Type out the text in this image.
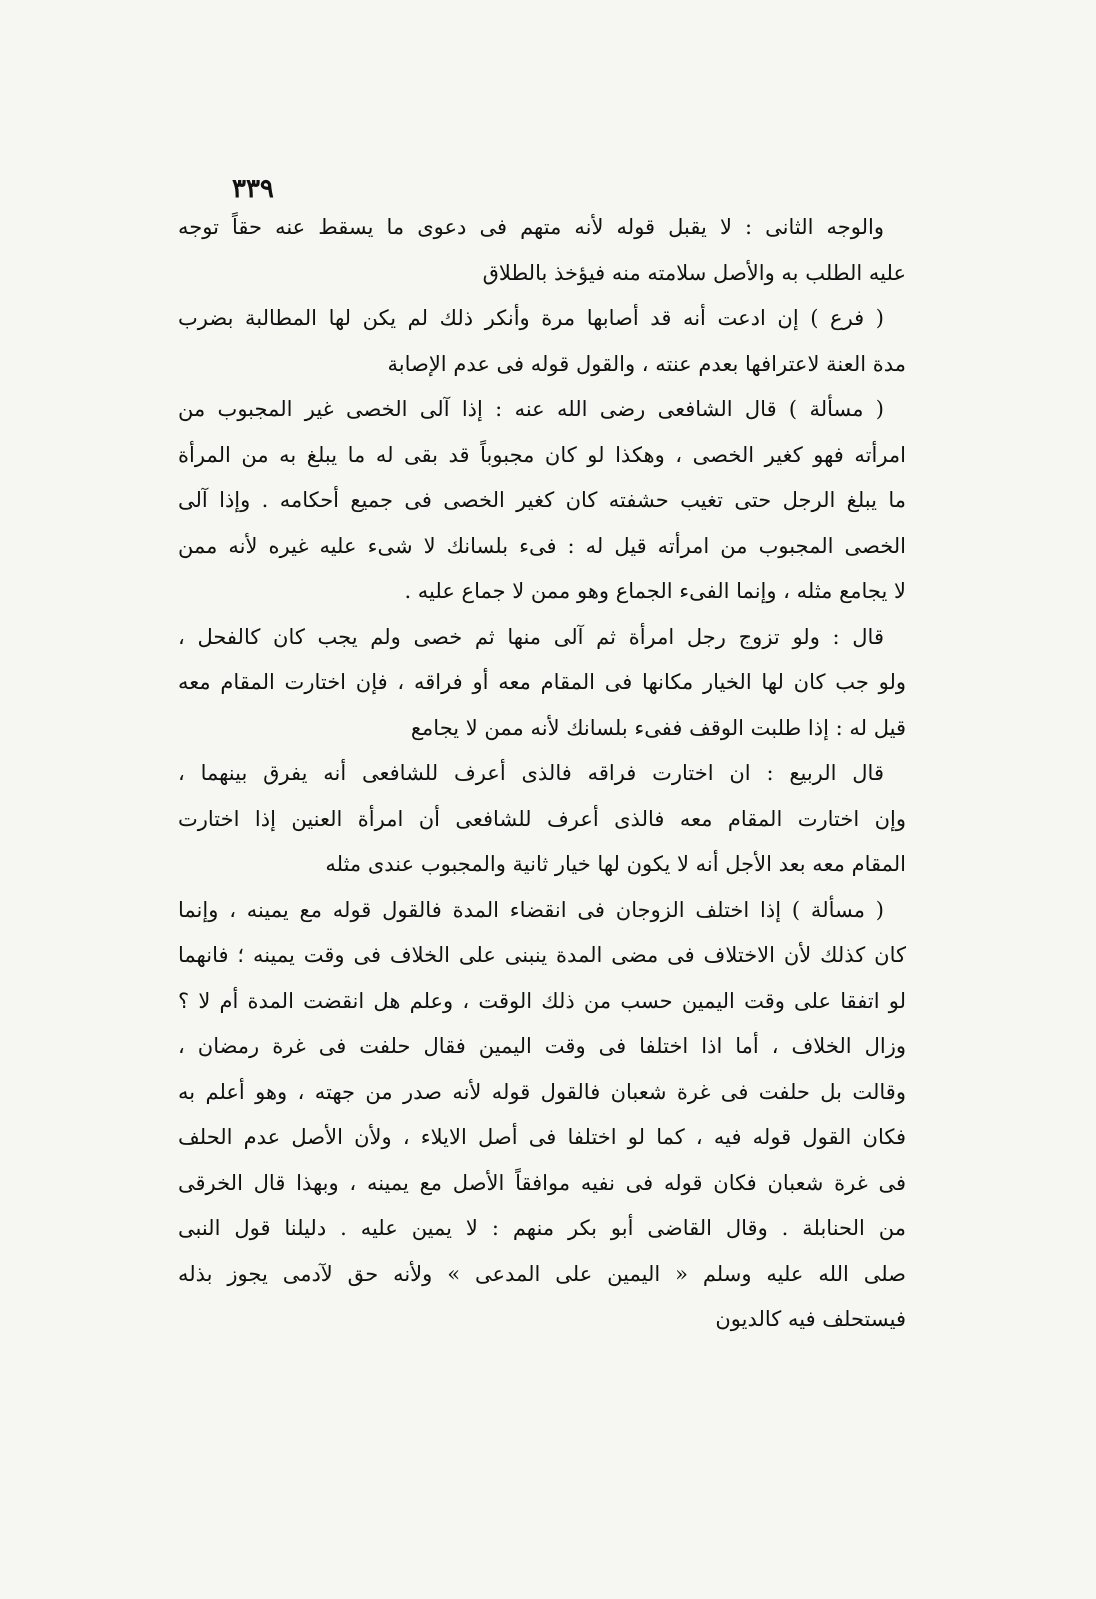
٣٣٩
والوجه الثانى : لا يقبل قوله لأنه متهم فى دعوى ما يسقط عنه حقاً توجه
عليه الطلب به والأصل سلامته منه فيؤخذ بالطلاق
( فرع ) إن ادعت أنه قد أصابها مرة وأنكر ذلك لم يكن لها المطالبة بضرب
مدة العنة لاعترافها بعدم عنته ، والقول قوله فى عدم الإصابة
( مسألة ) قال الشافعى رضى الله عنه : إذا آلى الخصى غير المجبوب من
امرأته فهو كغير الخصى ، وهكذا لو كان مجبوباً قد بقى له ما يبلغ به من المرأة
ما يبلغ الرجل حتى تغيب حشفته كان كغير الخصى فى جميع أحكامه . وإذا آلى
الخصى المجبوب من امرأته قيل له : فىء بلسانك لا شىء عليه غيره لأنه ممن
لا يجامع مثله ، وإنما الفىء الجماع وهو ممن لا جماع عليه .
قال : ولو تزوج رجل امرأة ثم آلى منها ثم خصى ولم يجب كان كالفحل ،
ولو جب كان لها الخيار مكانها فى المقام معه أو فراقه ، فإن اختارت المقام معه
قيل له : إذا طلبت الوقف ففىء بلسانك لأنه ممن لا يجامع
قال الربيع : ان اختارت فراقه فالذى أعرف للشافعى أنه يفرق بينهما ،
وإن اختارت المقام معه فالذى أعرف للشافعى أن امرأة العنين إذا اختارت
المقام معه بعد الأجل أنه لا يكون لها خيار ثانية والمجبوب عندى مثله
( مسألة ) إذا اختلف الزوجان فى انقضاء المدة فالقول قوله مع يمينه ، وإنما
كان كذلك لأن الاختلاف فى مضى المدة ينبنى على الخلاف فى وقت يمينه ؛ فانهما
لو اتفقا على وقت اليمين حسب من ذلك الوقت ، وعلم هل انقضت المدة أم لا ؟
وزال الخلاف ، أما اذا اختلفا فى وقت اليمين فقال حلفت فى غرة رمضان ،
وقالت بل حلفت فى غرة شعبان فالقول قوله لأنه صدر من جهته ، وهو أعلم به
فكان القول قوله فيه ، كما لو اختلفا فى أصل الايلاء ، ولأن الأصل عدم الحلف
فى غرة شعبان فكان قوله فى نفيه موافقاً الأصل مع يمينه ، وبهذا قال الخرقى
من الحنابلة . وقال القاضى أبو بكر منهم : لا يمين عليه . دليلنا قول النبى
صلى الله عليه وسلم « اليمين على المدعى » ولأنه حق لآدمى يجوز بذله
فيستحلف فيه كالديون
